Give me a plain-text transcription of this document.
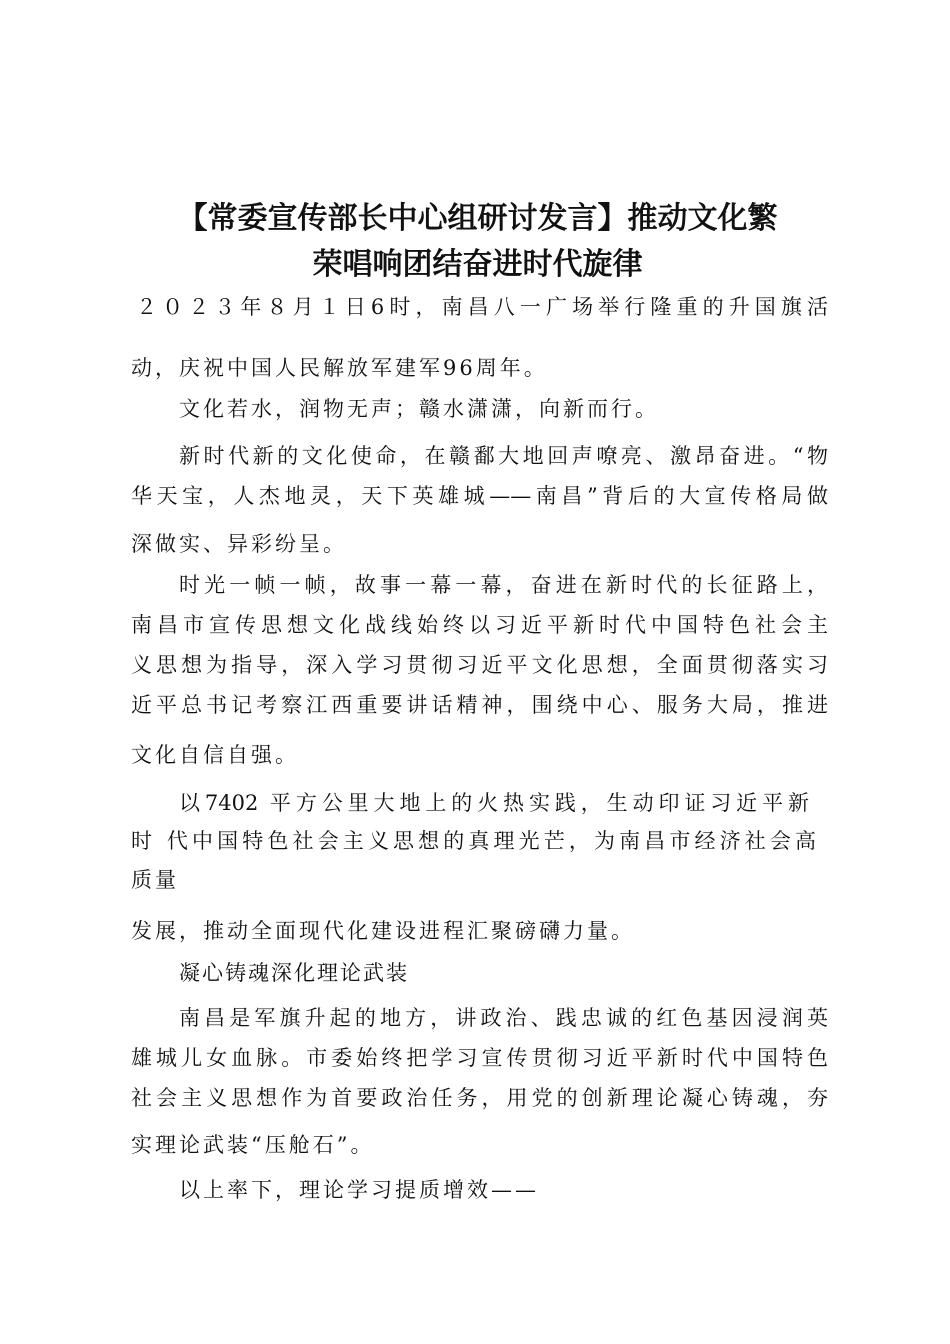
【常委宣传部长中心组研讨发言】推动文化繁
荣唱响团结奋进时代旋律
２０２３年８月１日6时，南昌八一广场举行隆重的升国旗活
动，庆祝中国人民解放军建军96周年。
文化若水，润物无声；赣水潇潇，向新而行。
新时代新的文化使命，在赣鄱大地回声嘹亮、激昂奋进。“物
华天宝，人杰地灵，天下英雄城——南昌”背后的大宣传格局做
深做实、异彩纷呈。
时光一帧一帧，故事一幕一幕，奋进在新时代的长征路上，
南昌市宣传思想文化战线始终以习近平新时代中国特色社会主
义思想为指导，深入学习贯彻习近平文化思想，全面贯彻落实习
近平总书记考察江西重要讲话精神，围绕中心、服务大局，推进
文化自信自强。
以7402 平方公里大地上的火热实践，生动印证习近平新
时 代中国特色社会主义思想的真理光芒，为南昌市经济社会高
质量
发展，推动全面现代化建设进程汇聚磅礴力量。
凝心铸魂深化理论武装
南昌是军旗升起的地方，讲政治、践忠诚的红色基因浸润英
雄城儿女血脉。市委始终把学习宣传贯彻习近平新时代中国特色
社会主义思想作为首要政治任务，用党的创新理论凝心铸魂，夯
实理论武装“压舱石”。
以上率下，理论学习提质增效——
